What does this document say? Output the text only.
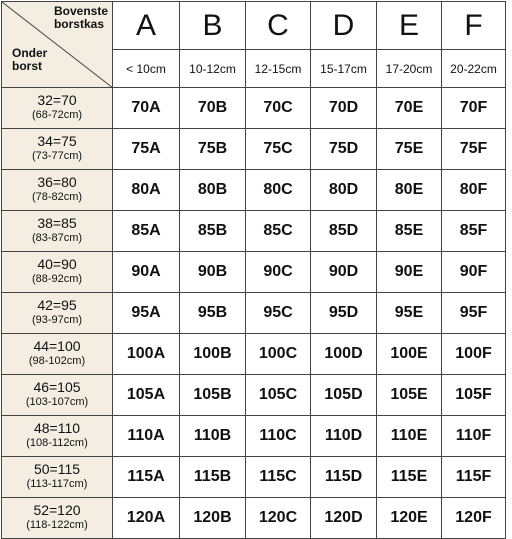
Bovenste
borstkas
Onder
borst	A	B	C	D	E	F
	< 10cm	10-12cm	12-15cm	15-17cm	17-20cm	20-22cm

32=70
(68-72cm)	70A	70B	70C	70D	70E	70F

34=75
(73-77cm)	75A	75B	75C	75D	75E	75F

36=80
(78-82cm)	80A	80B	80C	80D	80E	80F

38=85
(83-87cm)	85A	85B	85C	85D	85E	85F

40=90
(88-92cm)	90A	90B	90C	90D	90E	90F

42=95
(93-97cm)	95A	95B	95C	95D	95E	95F

44=100
(98-102cm)	100A	100B	100C	100D	100E	100F

46=105
(103-107cm)	105A	105B	105C	105D	105E	105F

48=110
(108-112cm)	110A	110B	110C	110D	110E	110F

50=115
(113-117cm)	115A	115B	115C	115D	115E	115F

52=120
(118-122cm)	120A	120B	120C	120D	120E	120F
